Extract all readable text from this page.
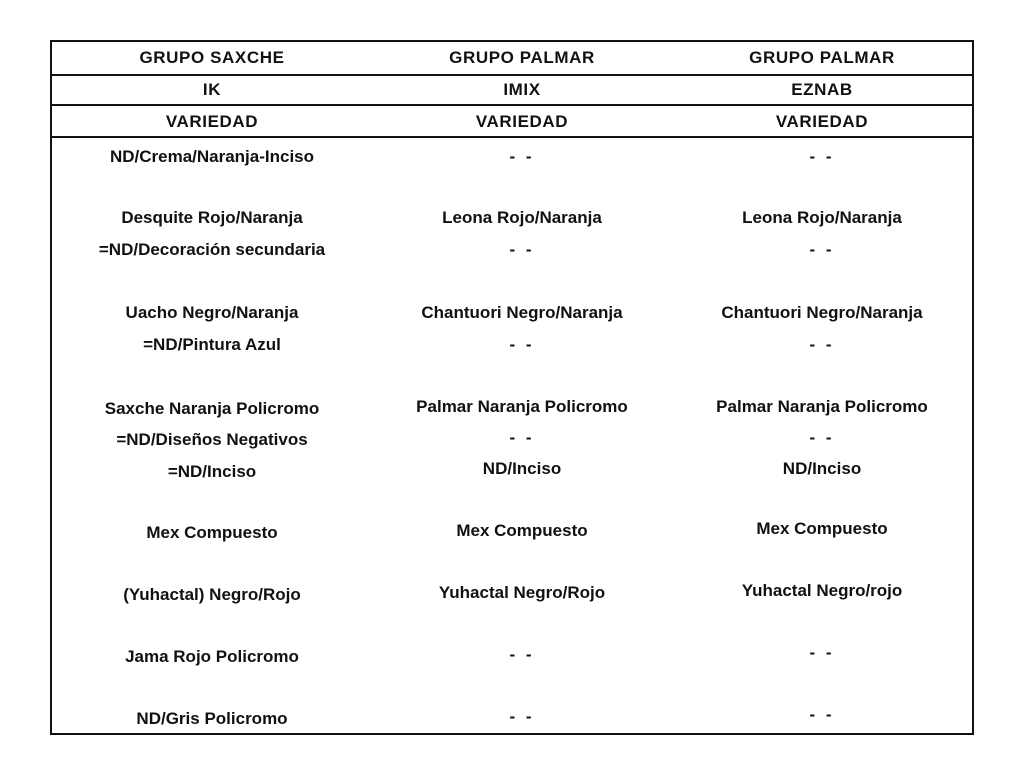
GRUPO SAXCHE	GRUPO PALMAR	GRUPO PALMAR
IK	IMIX	EZNAB
VARIEDAD	VARIEDAD	VARIEDAD
ND/Crema/Naranja-Inciso	- -	- -
Desquite Rojo/Naranja	Leona Rojo/Naranja	Leona Rojo/Naranja
=ND/Decoración secundaria	- -	- -
Uacho Negro/Naranja	Chantuori Negro/Naranja	Chantuori Negro/Naranja
=ND/Pintura Azul	- -	- -
Saxche Naranja Policromo	Palmar Naranja Policromo	Palmar Naranja Policromo
=ND/Diseños Negativos	- -	- -
=ND/Inciso	ND/Inciso	ND/Inciso
Mex Compuesto	Mex Compuesto	Mex Compuesto
(Yuhactal) Negro/Rojo	Yuhactal Negro/Rojo	Yuhactal Negro/rojo
Jama Rojo Policromo	- -	- -
ND/Gris Policromo	- -	- -
